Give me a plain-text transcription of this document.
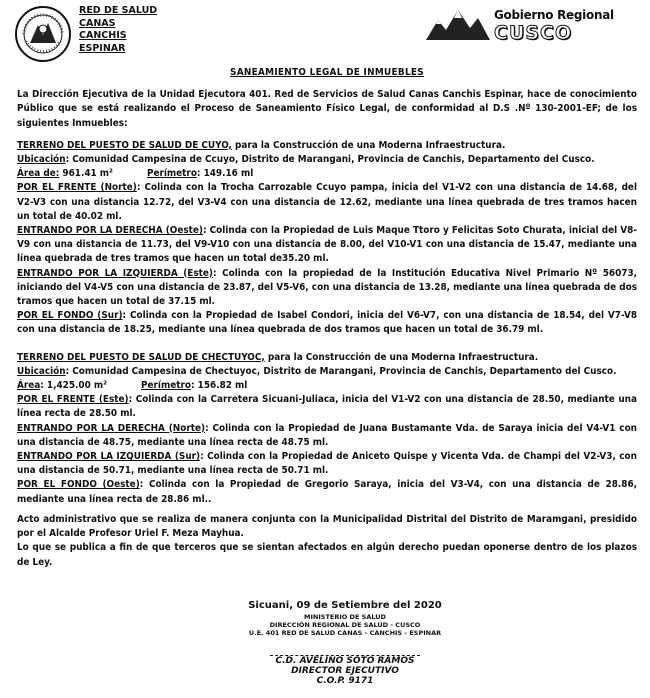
RED DE SALUD
CANAS
CANCHIS
ESPINAR
Gobierno Regional
CUSCO
SANEAMIENTO LEGAL DE INMUEBLES

La Dirección Ejecutiva de la Unidad Ejecutora 401. Red de Servicios de Salud Canas Canchis Espinar, hace de conocimiento Público que se está realizando el Proceso de Saneamiento Físico Legal, de conformidad al D.S .Nº 130-2001-EF; de los siguientes Inmuebles:

TERRENO DEL PUESTO DE SALUD DE CUYO, para la Construcción de una Moderna Infraestructura.

Ubicación: Comunidad Campesina de Ccuyo, Distrito de Marangani, Provincia de Canchis, Departamento del Cusco.

Área de: 961.41 m²	Perímetro: 149.16 ml

POR EL FRENTE (Norte): Colinda con la Trocha Carrozable Ccuyo pampa, inicia del V1-V2 con una distancia de 14.68, del V2-V3 con una distancia 12.72, del V3-V4 con una distancia de 12.62, mediante una línea quebrada de tres tramos hacen un total de 40.02 ml.

ENTRANDO POR LA DERECHA (Oeste): Colinda con la Propiedad de Luis Maque Ttoro y Felicitas Soto Churata, inicial del V8-V9 con una distancia de 11.73, del V9-V10 con una distancia de 8.00, del V10-V1 con una distancia de 15.47, mediante una línea quebrada de tres tramos que hacen un total de35.20 ml.

ENTRANDO POR LA IZQUIERDA (Este): Colinda con la propiedad de la Institución Educativa Nivel Primario Nº 56073, iniciando del V4-V5 con una distancia de 23.87, del V5-V6, con una distancia de 13.28, mediante una línea quebrada de dos tramos que hacen un total de 37.15 ml.

POR EL FONDO (Sur): Colinda con la Propiedad de Isabel Condori, inicia del V6-V7, con una distancia de 18.54, del V7-V8 con una distancia de 18.25, mediante una línea quebrada de dos tramos que hacen un total de 36.79 ml.

TERRENO DEL PUESTO DE SALUD DE CHECTUYOC, para la Construcción de una Moderna Infraestructura.

Ubicación: Comunidad Campesina de Chectuyoc, Distrito de Marangani, Provincia de Canchis, Departamento del Cusco.

Área: 1,425.00 m²	Perímetro: 156.82 ml

POR EL FRENTE (Este): Colinda con la Carretera Sicuani-Juliaca, inicia del V1-V2 con una distancia de 28.50, mediante una línea recta de 28.50 ml.

ENTRANDO POR LA DERECHA (Norte): Colinda con la Propiedad de Juana Bustamante Vda. de Saraya inicia del V4-V1 con una distancia de 48.75, mediante una línea recta de 48.75 ml.

ENTRANDO POR LA IZQUIERDA (Sur): Colinda con la Propiedad de Aniceto Quispe y Vicenta Vda. de Champi del V2-V3, con una distancia de 50.71, mediante una línea recta de 50.71 ml.

POR EL FONDO (Oeste): Colinda con la Propiedad de Gregorio Saraya, inicia del V3-V4, con una distancia de 28.86, mediante una línea recta de 28.86 ml..

Acto administrativo que se realiza de manera conjunta con la Municipalidad Distrital del Distrito de Maramgani, presidido por el Alcalde Profesor Uriel F. Meza Mayhua.

Lo que se publica a fin de que terceros que se sientan afectados en algún derecho puedan oponerse dentro de los plazos de Ley.

Sicuani, 09 de Setiembre del 2020
MINISTERIO DE SALUD
DIRECCIÓN REGIONAL DE SALUD - CUSCO
U.E. 401 RED DE SALUD CANAS - CANCHIS - ESPINAR
C.D. AVELINO SOTO RAMOS
DIRECTOR EJECUTIVO
C.O.P. 9171
